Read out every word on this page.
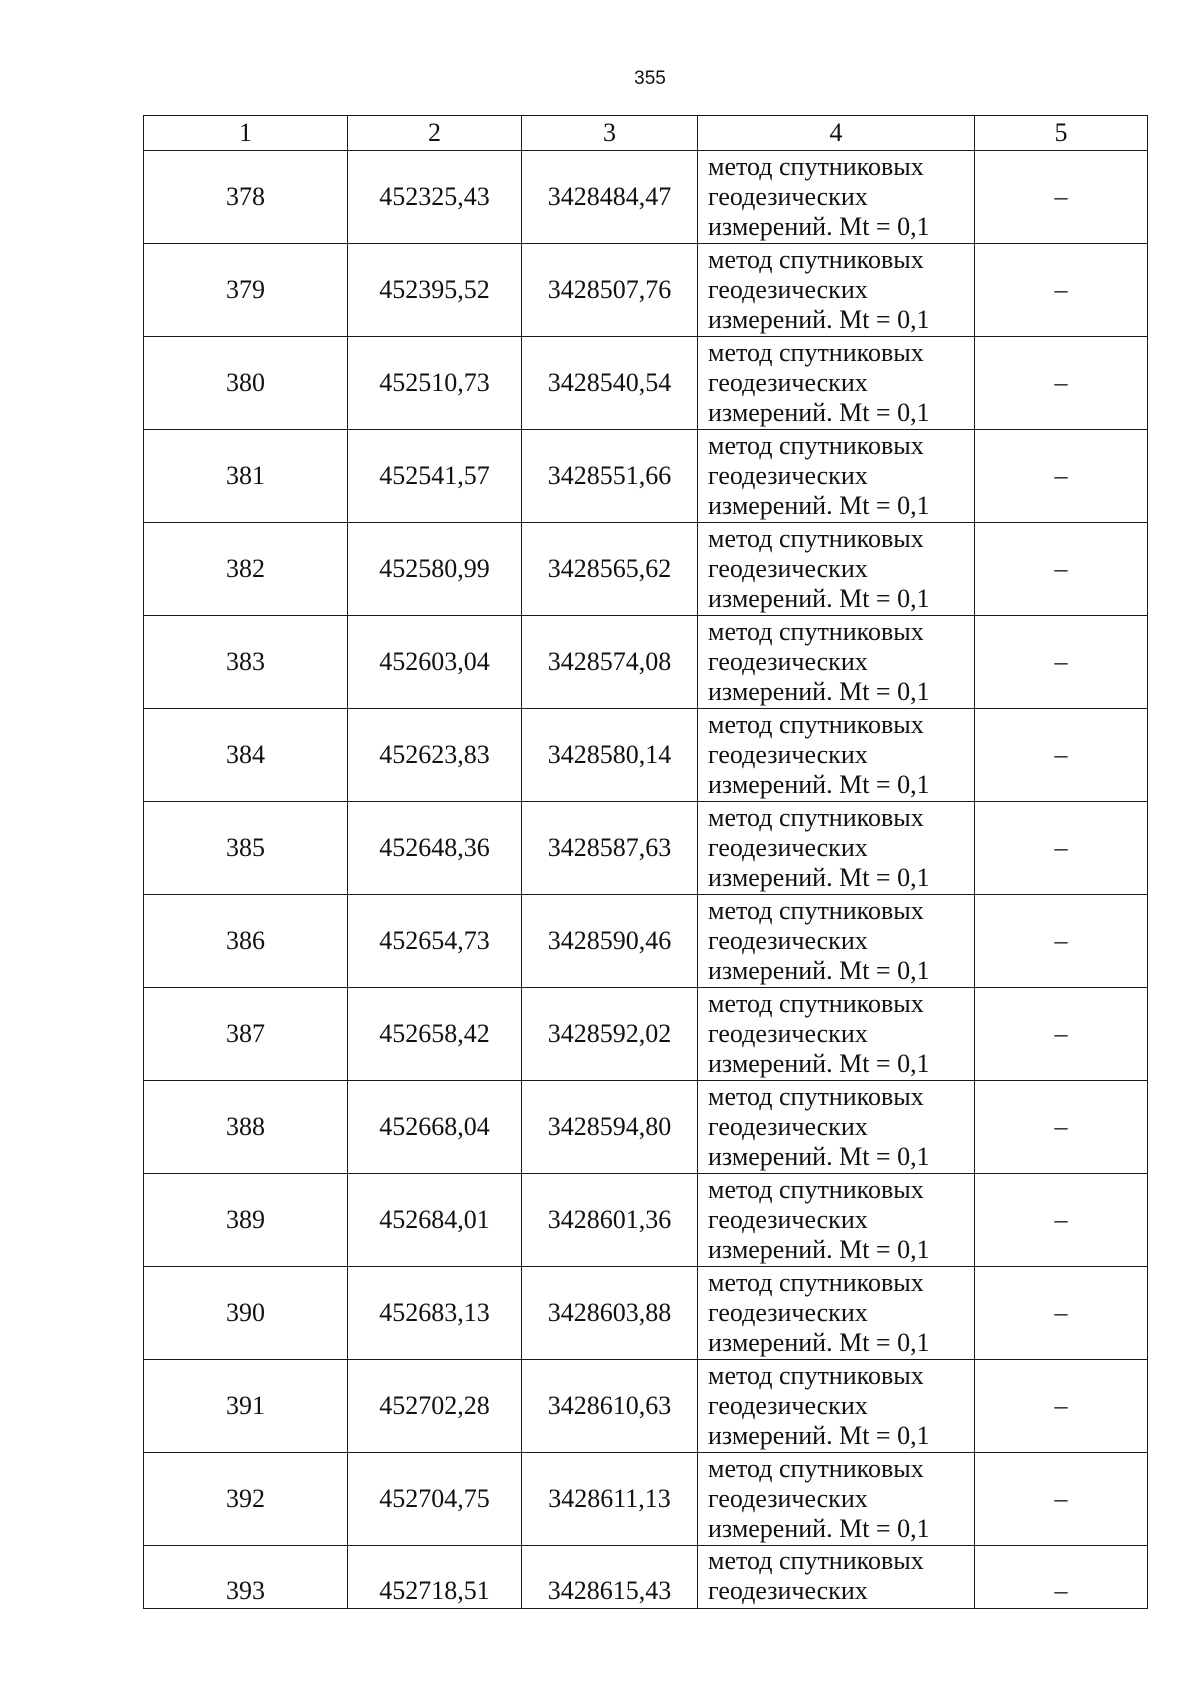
355
1	2	3	4	5
378	452325,43	3428484,47	метод спутниковых
геодезических
измерений. Mt = 0,1	–
379	452395,52	3428507,76	метод спутниковых
геодезических
измерений. Mt = 0,1	–
380	452510,73	3428540,54	метод спутниковых
геодезических
измерений. Mt = 0,1	–
381	452541,57	3428551,66	метод спутниковых
геодезических
измерений. Mt = 0,1	–
382	452580,99	3428565,62	метод спутниковых
геодезических
измерений. Mt = 0,1	–
383	452603,04	3428574,08	метод спутниковых
геодезических
измерений. Mt = 0,1	–
384	452623,83	3428580,14	метод спутниковых
геодезических
измерений. Mt = 0,1	–
385	452648,36	3428587,63	метод спутниковых
геодезических
измерений. Mt = 0,1	–
386	452654,73	3428590,46	метод спутниковых
геодезических
измерений. Mt = 0,1	–
387	452658,42	3428592,02	метод спутниковых
геодезических
измерений. Mt = 0,1	–
388	452668,04	3428594,80	метод спутниковых
геодезических
измерений. Mt = 0,1	–
389	452684,01	3428601,36	метод спутниковых
геодезических
измерений. Mt = 0,1	–
390	452683,13	3428603,88	метод спутниковых
геодезических
измерений. Mt = 0,1	–
391	452702,28	3428610,63	метод спутниковых
геодезических
измерений. Mt = 0,1	–
392	452704,75	3428611,13	метод спутниковых
геодезических
измерений. Mt = 0,1	–
393	452718,51	3428615,43	метод спутниковых
геодезических	–
